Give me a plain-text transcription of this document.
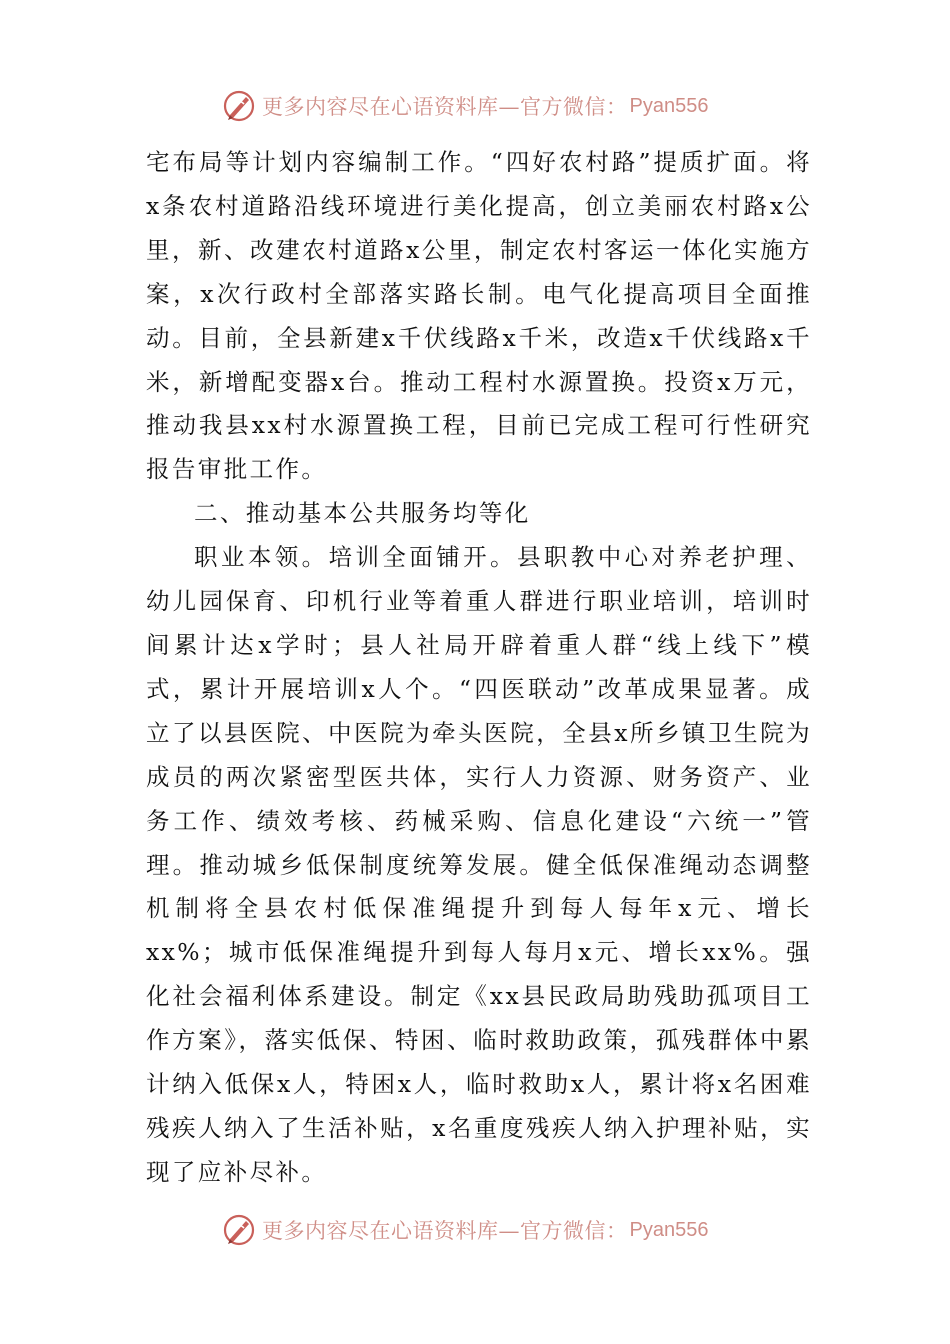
更多内容尽在心语资料库—官方微信： Pyan556

宅布局等计划内容编制工作。“四好农村路”提质扩面。将x条农村道路沿线环境进行美化提高，创立美丽农村路x公里，新、改建农村道路x公里，制定农村客运一体化实施方案，x次行政村全部落实路长制。电气化提高项目全面推动。目前，全县新建x千伏线路x千米，改造x千伏线路x千米，新增配变器x台。推动工程村水源置换。投资x万元，推动我县xx村水源置换工程，目前已完成工程可行性研究报告审批工作。

二、推动基本公共服务均等化

职业本领。培训全面铺开。县职教中心对养老护理、幼儿园保育、印机行业等着重人群进行职业培训，培训时间累计达x学时；县人社局开辟着重人群“线上线下”模式，累计开展培训x人个。“四医联动”改革成果显著。成立了以县医院、中医院为牵头医院，全县x所乡镇卫生院为成员的两次紧密型医共体，实行人力资源、财务资产、业务工作、绩效考核、药械采购、信息化建设“六统一”管理。推动城乡低保制度统筹发展。健全低保准绳动态调整机制将全县农村低保准绳提升到每人每年x元、增长xx%；城市低保准绳提升到每人每月x元、增长xx%。强化社会福利体系建设。制定《xx县民政局助残助孤项目工作方案》，落实低保、特困、临时救助政策，孤残群体中累计纳入低保x人，特困x人，临时救助x人，累计将x名困难残疾人纳入了生活补贴，x名重度残疾人纳入护理补贴，实现了应补尽补。

更多内容尽在心语资料库—官方微信： Pyan556
